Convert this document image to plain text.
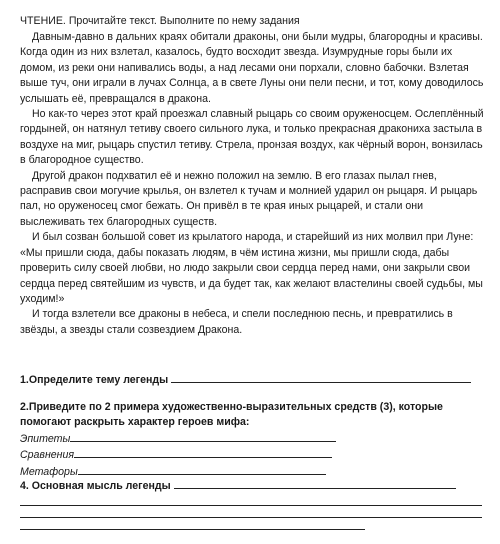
ЧТЕНИЕ. Прочитайте текст. Выполните по нему задания

Давным-давно в дальних краях обитали драконы, они были мудры, благородны и красивы. Когда один из них взлетал, казалось, будто восходит звезда. Изумрудные горы были их домом, из реки они напивались воды, а над лесами они порхали, словно бабочки. Взлетая выше туч, они играли в лучах Солнца, а в свете Луны они пели песни, и тот, кому доводилось услышать её, превращался в дракона.

Но как-то через этот край проезжал славный рыцарь со своим оруженосцем. Ослеплённый гордыней, он натянул тетиву своего сильного лука, и только прекрасная драконихa застыла в воздухе на миг, рыцарь спустил тетиву. Стрела, пронзая воздух, как чёрный ворон, вонзилась в благородное существо.

Другой дракон подхватил её и нежно положил на землю. В его глазах пылал гнев, расправив свои могучие крылья, он взлетел к тучам и молнией ударил он рыцаря. И рыцарь пал, но оруженосец смог бежать. Он привёл в те края иных рыцарей, и стали они выслеживать тех благородных существ.

И был созван большой совет из крылатого народа, и старейший из них молвил при Луне: «Мы пришли сюда, дабы показать людям, в чём истина жизни, мы пришли сюда, дабы проверить силу своей любви, но людо закрыли свои сердца перед нами, они закрыли свои сердца перед святейшим из чувств, и да будет так, как желают властелины своей судьбы, мы уходим!»

И тогда взлетели все драконы в небеса, и спели последнюю песнь, и превратились в звёзды, а звезды стали созвездием Дракона.

1.Определите тему легенды
2.Приведите по 2 примера художественно-выразительных средств (3), которые помогают раскрыть характер героев мифа:
Эпитеты
Сравнения
Метафоры
4. Основная мысль легенды
